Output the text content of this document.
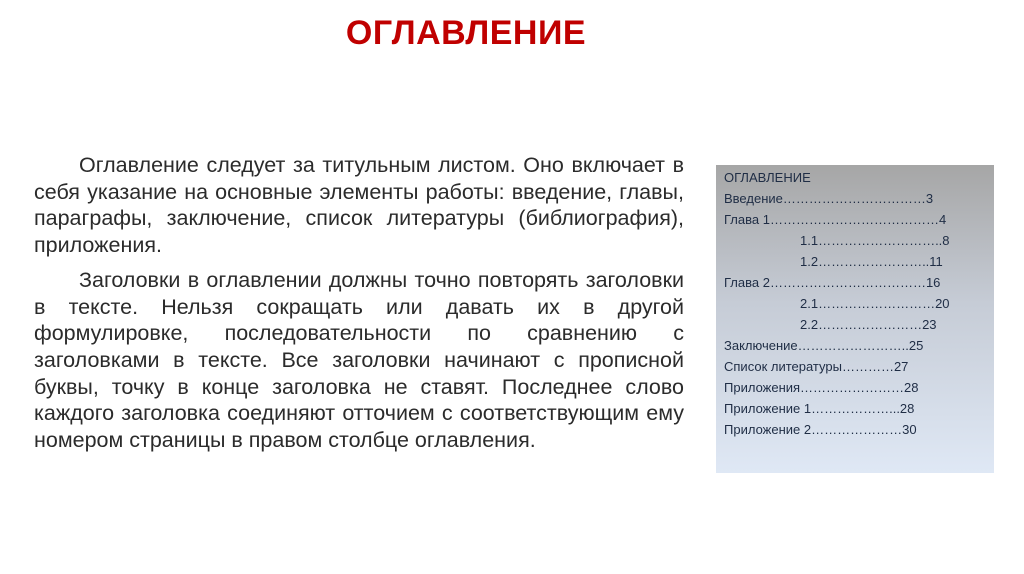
ОГЛАВЛЕНИЕ

Оглавление следует за титульным листом. Оно включает в себя указание на основные элементы работы: введение, главы, параграфы, заключение, список литературы (библиография), приложения.

Заголовки в оглавлении должны точно повторять заголовки в тексте. Нельзя сокращать или давать их в другой формулировке, последовательности по сравнению с заголовками в тексте. Все заголовки начинают с прописной буквы, точку в конце заголовка не ставят. Последнее слово каждого заголовка соединяют отточием с соответствующим ему номером страницы в правом столбце оглавления.

ОГЛАВЛЕНИЕ
Введение……………………………3
Глава 1…………………………………4
1.1………………………..8
1.2……………………..11
Глава 2………………………………16
2.1………………………20
2.2……………………23
Заключение……………………..25
Список литературы…………27
Приложения……………………28
Приложение 1………………...28
Приложение 2…………………30
